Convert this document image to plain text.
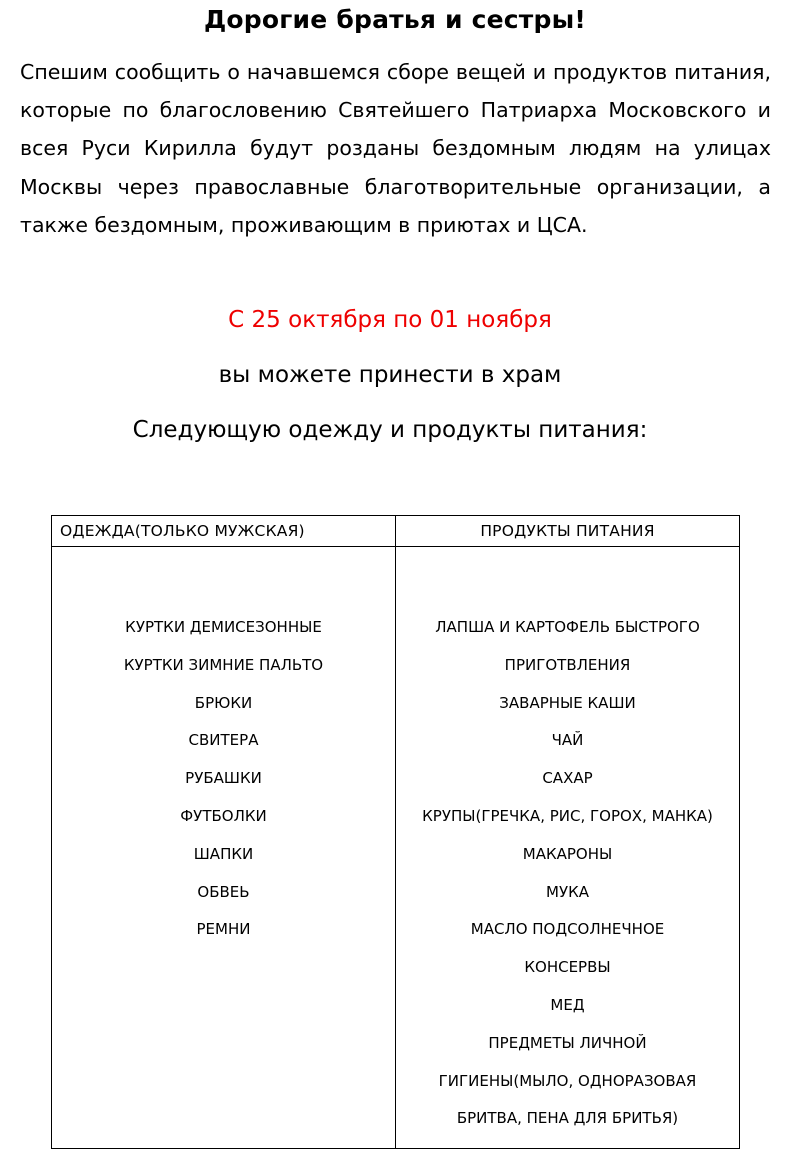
Дорогие братья и сестры!

Спешим сообщить о начавшемся сборе вещей и продуктов питания, которые по благословению Святейшего Патриарха Московского и всея Руси Кирилла будут розданы бездомным людям на улицах Москвы через православные благотворительные организации, а также бездомным, проживающим в приютах и ЦСА.

С 25 октября по 01 ноября

вы можете принести в храм

Следующую одежду и продукты питания:

ОДЕЖДА(ТОЛЬКО МУЖСКАЯ)	ПРОДУКТЫ ПИТАНИЯ
КУРТКИ ДЕМИСЕЗОННЫЕ
КУРТКИ ЗИМНИЕ ПАЛЬТО
БРЮКИ
СВИТЕРА
РУБАШКИ
ФУТБОЛКИ
ШАПКИ
ОБВЕЬ
РЕМНИ
ЛАПША И КАРТОФЕЛЬ БЫСТРОГО
ПРИГОТВЛЕНИЯ
ЗАВАРНЫЕ КАШИ
ЧАЙ
САХАР
КРУПЫ(ГРЕЧКА, РИС, ГОРОХ, МАНКА)
МАКАРОНЫ
МУКА
МАСЛО ПОДСОЛНЕЧНОЕ
КОНСЕРВЫ
МЕД
ПРЕДМЕТЫ ЛИЧНОЙ
ГИГИЕНЫ(МЫЛО, ОДНОРАЗОВАЯ
БРИТВА, ПЕНА ДЛЯ БРИТЬЯ)
